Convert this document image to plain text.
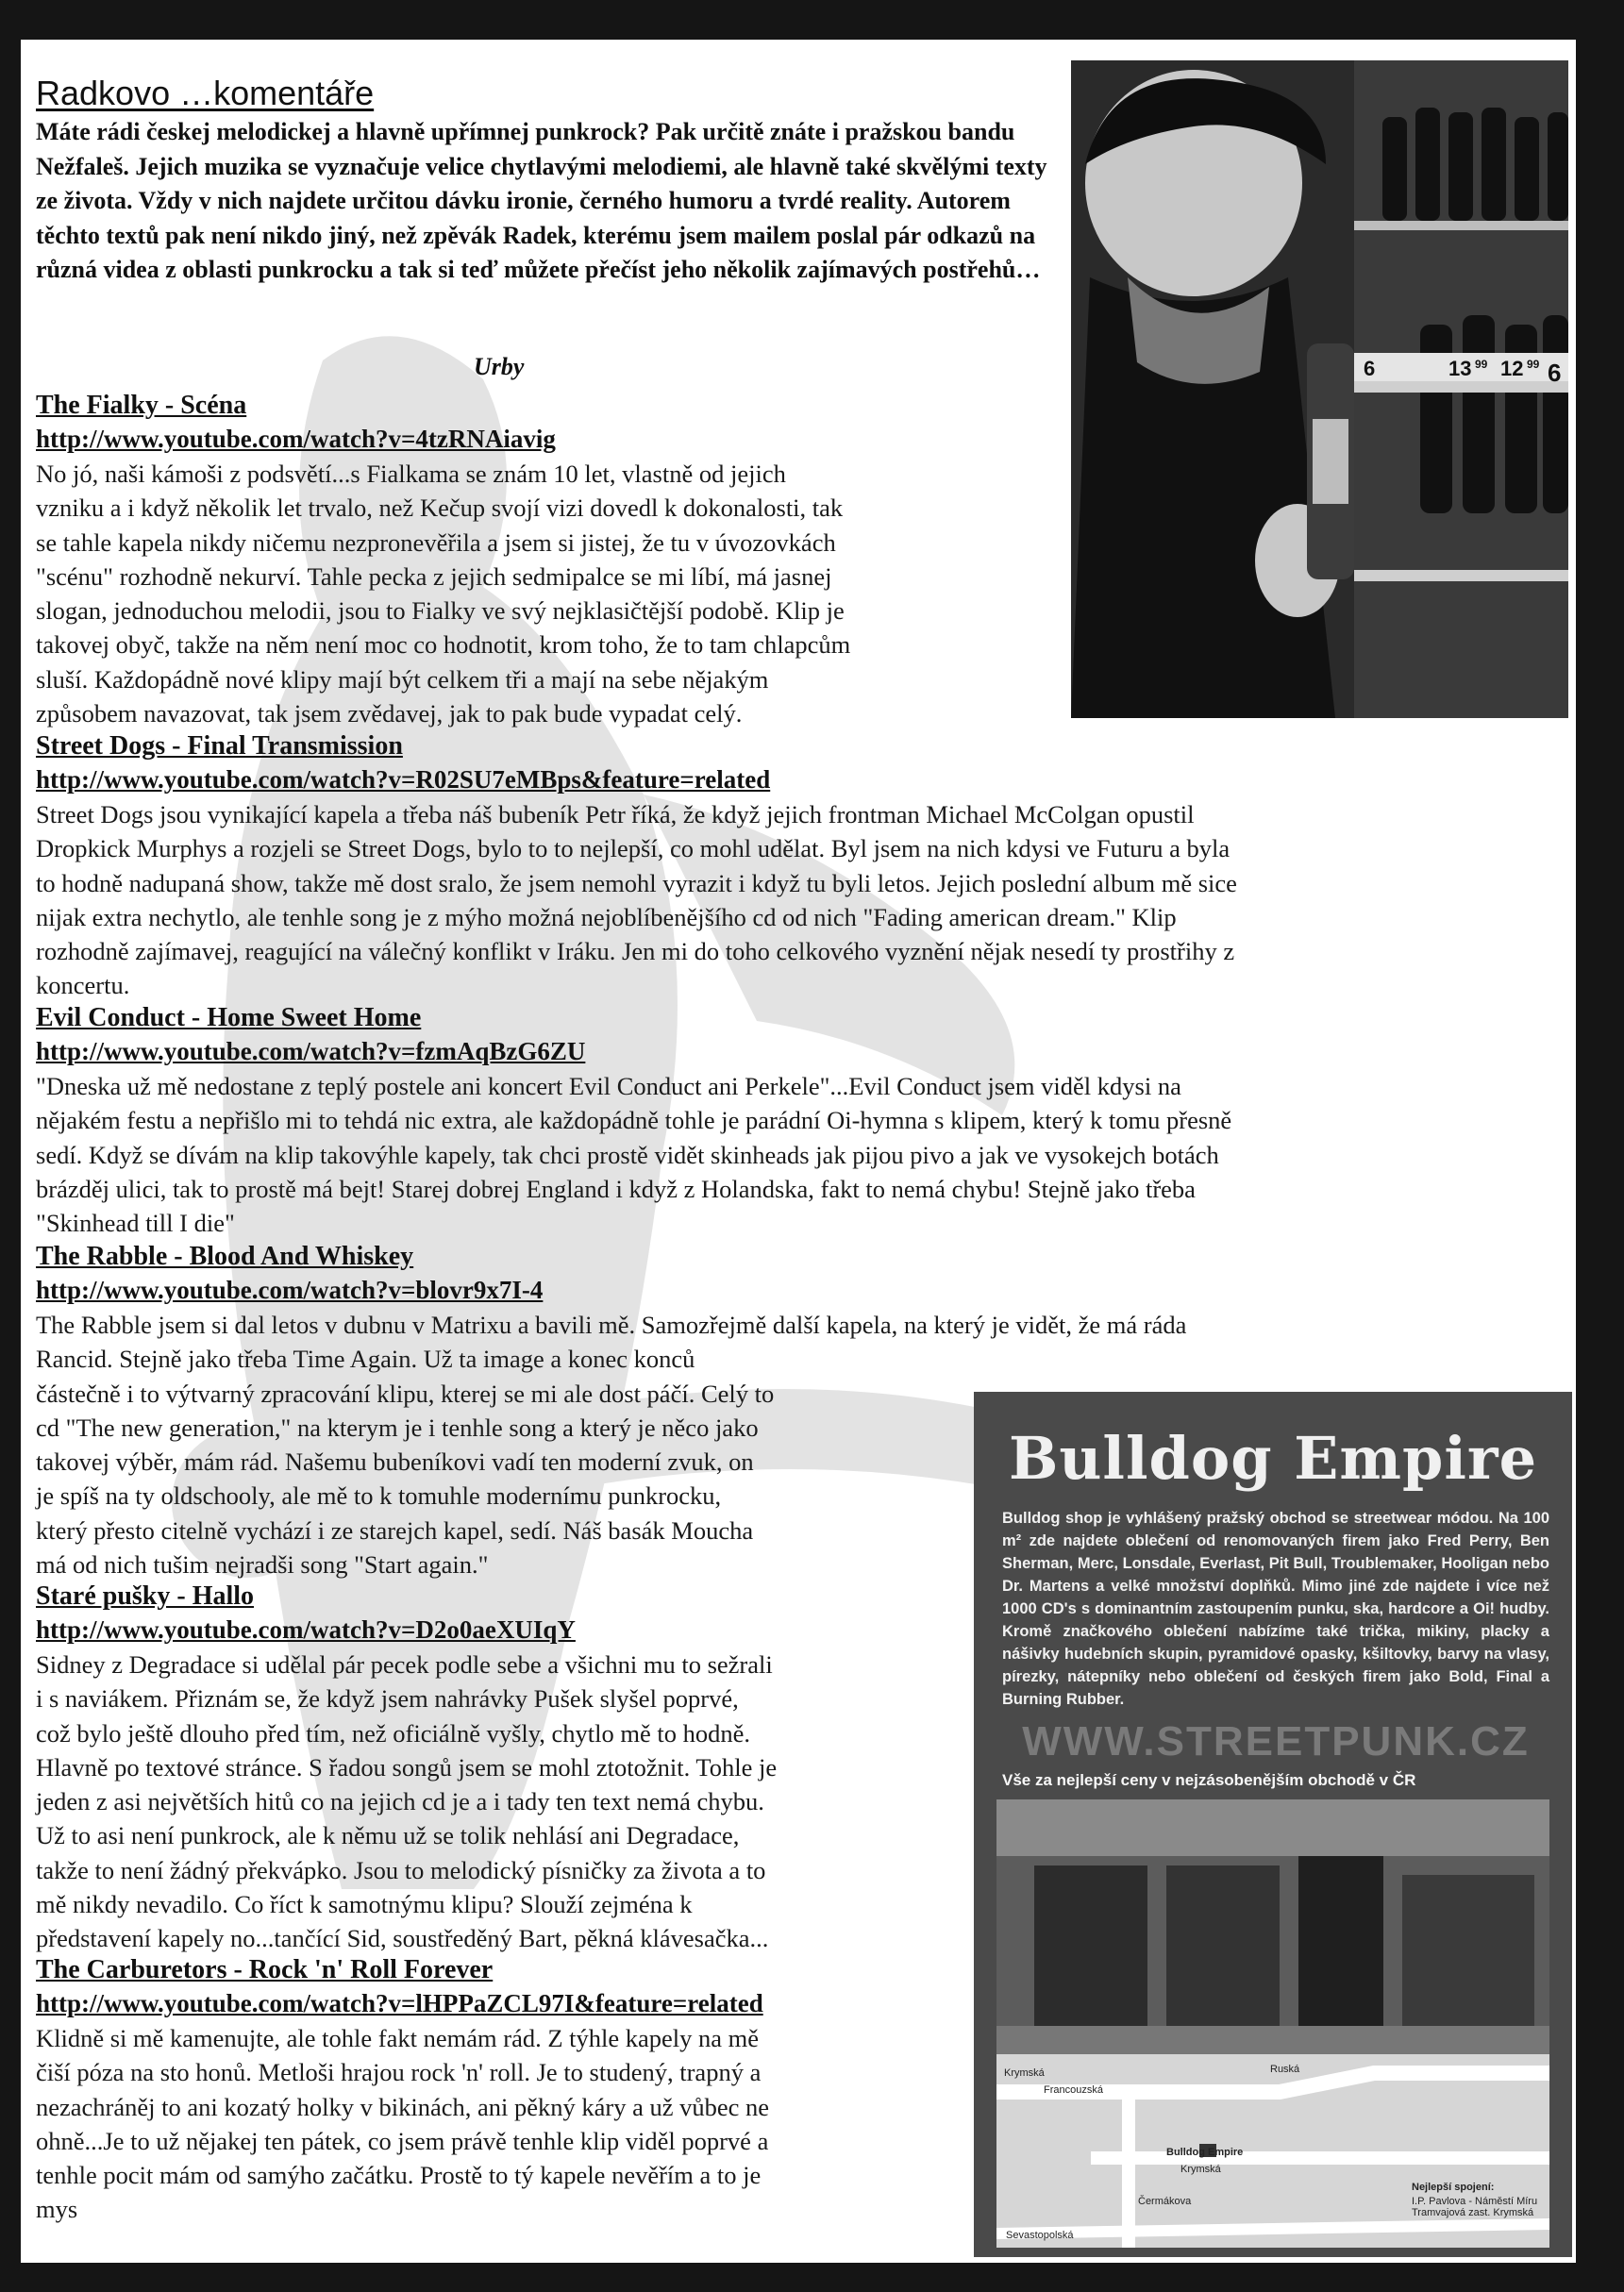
Radkovo …komentáře
Máte rádi českej melodickej a hlavně upřímnej punkrock? Pak určitě znáte i pražskou bandu Nežfaleš. Jejich muzika se vyznačuje velice chytlavými melodiemi, ale hlavně také skvělými texty ze života. Vždy v nich najdete určitou dávku ironie, černého humoru a tvrdé reality. Autorem těchto textů pak není nikdo jiný, než zpěvák Radek, kterému jsem mailem poslal pár odkazů na různá videa z oblasti punkrocku a tak si teď můžete přečíst jeho několik zajímavých postřehů…
Urby
The Fialky - Scéna
http://www.youtube.com/watch?v=4tzRNAiavig
No jó, naši kámoši z podsvětí...s Fialkama se znám 10 let, vlastně od jejich
vzniku a i když několik let trvalo, než Kečup svojí vizi dovedl k dokonalosti, tak
se tahle kapela nikdy ničemu nezpronevěřila a jsem si jistej, že tu v úvozovkách
"scénu" rozhodně nekurví. Tahle pecka z jejich sedmipalce se mi líbí, má jasnej
slogan, jednoduchou melodii, jsou to Fialky ve svý nejklasičtější podobě. Klip je
takovej obyč, takže na něm není moc co hodnotit, krom toho, že to tam chlapcům
sluší. Každopádně nové klipy mají být celkem tři a mají na sebe nějakým
způsobem navazovat, tak jsem zvědavej, jak to pak bude vypadat celý.
Street Dogs - Final Transmission
http://www.youtube.com/watch?v=R02SU7eMBps&feature=related
Street Dogs jsou vynikající kapela a třeba náš bubeník Petr říká, že když jejich frontman Michael McColgan opustil
Dropkick Murphys a rozjeli se Street Dogs, bylo to to nejlepší, co mohl udělat. Byl jsem na nich kdysi ve Futuru a byla
to hodně nadupaná show, takže mě dost sralo, že jsem nemohl vyrazit i když tu byli letos. Jejich poslední album mě sice
nijak extra nechytlo, ale tenhle song je z mýho možná nejoblíbenějšího cd od nich "Fading american dream." Klip
rozhodně zajímavej, reagující na válečný konflikt v Iráku. Jen mi do toho celkového vyznění nějak nesedí ty prostřihy z
koncertu.
Evil Conduct - Home Sweet Home
http://www.youtube.com/watch?v=fzmAqBzG6ZU
"Dneska už mě nedostane z teplý postele ani koncert Evil Conduct ani Perkele"...Evil Conduct jsem viděl kdysi na
nějakém festu a nepřišlo mi to tehdá nic extra, ale každopádně tohle je parádní Oi-hymna s klipem, který k tomu přesně
sedí. Když se dívám na klip takovýhle kapely, tak chci prostě vidět skinheads jak pijou pivo a jak ve vysokejch botách
brázděj ulici, tak to prostě má bejt! Starej dobrej England i když z Holandska, fakt to nemá chybu! Stejně jako třeba
"Skinhead till I die"
The Rabble - Blood And Whiskey
http://www.youtube.com/watch?v=blovr9x7I-4
The Rabble jsem si dal letos v dubnu v Matrixu a bavili mě. Samozřejmě další kapela, na který je vidět, že má ráda
Rancid. Stejně jako třeba Time Again. Už ta image a konec konců
částečně i to výtvarný zpracování klipu, kterej se mi ale dost páčí. Celý to
cd "The new generation," na kterym je i tenhle song a který je něco jako
takovej výběr, mám rád. Našemu bubeníkovi vadí ten moderní zvuk, on
je spíš na ty oldschooly, ale mě to k tomuhle modernímu punkrocku,
který přesto citelně vychází i ze starejch kapel, sedí. Náš basák Moucha
má od nich tušim nejradši song "Start again."
Staré pušky - Hallo
http://www.youtube.com/watch?v=D2o0aeXUIqY
Sidney z Degradace si udělal pár pecek podle sebe a všichni mu to sežrali
i s naviákem. Přiznám se, že když jsem nahrávky Pušek slyšel poprvé,
což bylo ještě dlouho před tím, než oficiálně vyšly, chytlo mě to hodně.
Hlavně po textové stránce. S řadou songů jsem se mohl ztotožnit. Tohle je
jeden z asi největších hitů co na jejich cd je a i tady ten text nemá chybu.
Už to asi není punkrock, ale k němu už se tolik nehlásí ani Degradace,
takže to není žádný překvápko. Jsou to melodický písničky za života a to
mě nikdy nevadilo. Co říct k samotnýmu klipu? Slouží zejména k
představení kapely no...tančící Sid, soustředěný Bart, pěkná klávesačka...
The Carburetors - Rock 'n' Roll Forever
http://www.youtube.com/watch?v=lHPPaZCL97I&feature=related
Klidně si mě kamenujte, ale tohle fakt nemám rád. Z týhle kapely na mě
čiší póza na sto honů. Metloši hrajou rock 'n' roll. Je to studený, trapný a
nezachráněj to ani kozatý holky v bikinách, ani pěkný káry a už vůbec ne
ohně...Je to už nějakej ten pátek, co jsem právě tenhle klip viděl poprvé a
tenhle pocit mám od samýho začátku. Prostě to tý kapele nevěřím a to je
mys
6	13 99 12 99 6
Bulldog Empire
Bulldog shop je vyhlášený pražský obchod se streetwear módou. Na 100 m² zde najdete oblečení od renomovaných firem jako Fred Perry, Ben Sherman, Merc, Lonsdale, Everlast, Pit Bull, Troublemaker, Hooligan nebo Dr. Martens a velké množství doplňků. Mimo jiné zde najdete i více než 1000 CD's s dominantním zastoupením punku, ska, hardcore a Oi! hudby. Kromě značkového oblečení nabízíme také trička, mikiny, placky a nášivky hudebních skupin, pyramidové opasky, kšiltovky, barvy na vlasy, pírezky, nátepníky nebo oblečení od českých firem jako Bold, Final a Burning Rubber.
WWW.STREETPUNK.CZ
Vše za nejlepší ceny v nejzásobenějším obchodě v ČR
Krymská
Francouzská
Ruská
Bulldog Empire
Krymská
Čermákova
Sevastopolská
Nejlepší spojení:
I.P. Pavlova - Náměstí Míru Tramvajová zast. Krymská
